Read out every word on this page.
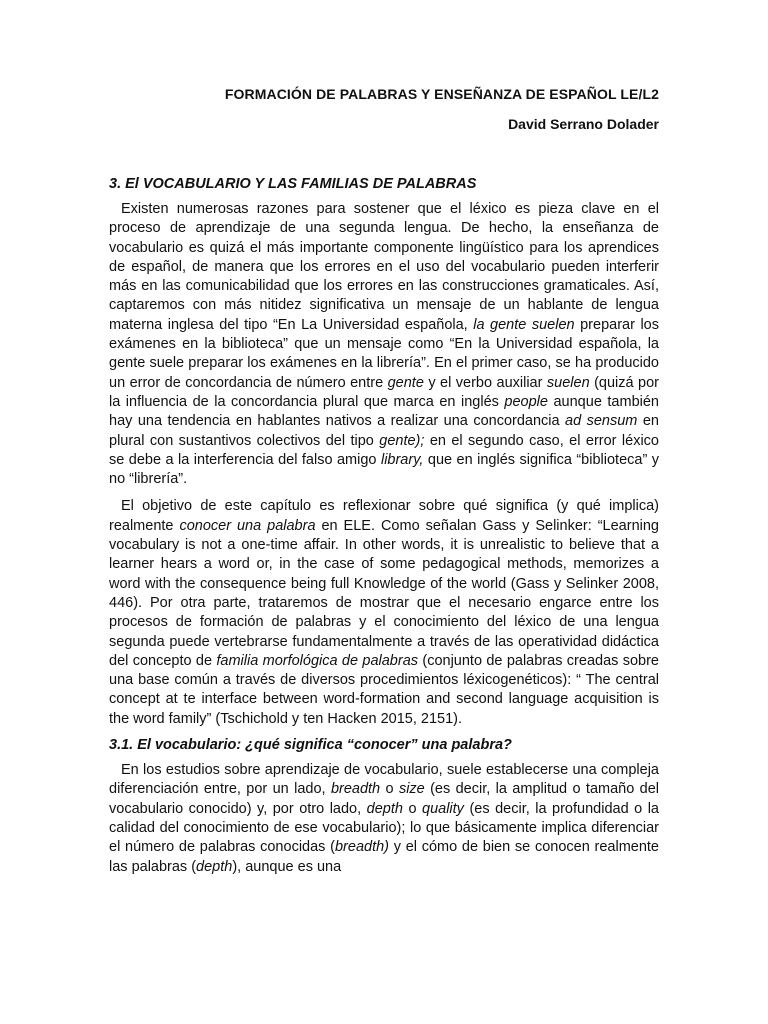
FORMACIÓN DE PALABRAS Y ENSEÑANZA DE ESPAÑOL LE/L2
David Serrano Dolader
3. El VOCABULARIO Y LAS FAMILIAS DE PALABRAS

Existen numerosas razones para sostener que el léxico es pieza clave en el proceso de aprendizaje de una segunda lengua. De hecho, la enseñanza de vocabulario es quizá el más importante componente lingüístico para los aprendices de español, de manera que los errores en el uso del vocabulario pueden interferir más en las comunicabilidad que los errores en las construcciones gramaticales. Así, captaremos con más nitidez significativa un mensaje de un hablante de lengua materna inglesa del tipo “En La Universidad española, la gente suelen preparar los exámenes en la biblioteca” que un mensaje como “En la Universidad española, la gente suele preparar los exámenes en la librería”. En el primer caso, se ha producido un error de concordancia de número entre gente y el verbo auxiliar suelen (quizá por la influencia de la concordancia plural que marca en inglés people aunque también hay una tendencia en hablantes nativos a realizar una concordancia ad sensum en plural con sustantivos colectivos del tipo gente); en el segundo caso, el error léxico se debe a la interferencia del falso amigo library, que en inglés significa “biblioteca” y no “librería”.

El objetivo de este capítulo es reflexionar sobre qué significa (y qué implica) realmente conocer una palabra en ELE. Como señalan Gass y Selinker: “Learning vocabulary is not a one-time affair. In other words, it is unrealistic to believe that a learner hears a word or, in the case of some pedagogical methods, memorizes a word with the consequence being full Knowledge of the world (Gass y Selinker 2008, 446). Por otra parte, trataremos de mostrar que el necesario engarce entre los procesos de formación de palabras y el conocimiento del léxico de una lengua segunda puede vertebrarse fundamentalmente a través de las operatividad didáctica del concepto de familia morfológica de palabras (conjunto de palabras creadas sobre una base común a través de diversos procedimientos léxicogenéticos): “ The central concept at te interface between word-formation and second language acquisition is the word family” (Tschichold y ten Hacken 2015, 2151).

3.1. El vocabulario: ¿qué significa “conocer” una palabra?

En los estudios sobre aprendizaje de vocabulario, suele establecerse una compleja diferenciación entre, por un lado, breadth o size (es decir, la amplitud o tamaño del vocabulario conocido) y, por otro lado, depth o quality (es decir, la profundidad o la calidad del conocimiento de ese vocabulario); lo que básicamente implica diferenciar el número de palabras conocidas (breadth) y el cómo de bien se conocen realmente las palabras (depth), aunque es una
